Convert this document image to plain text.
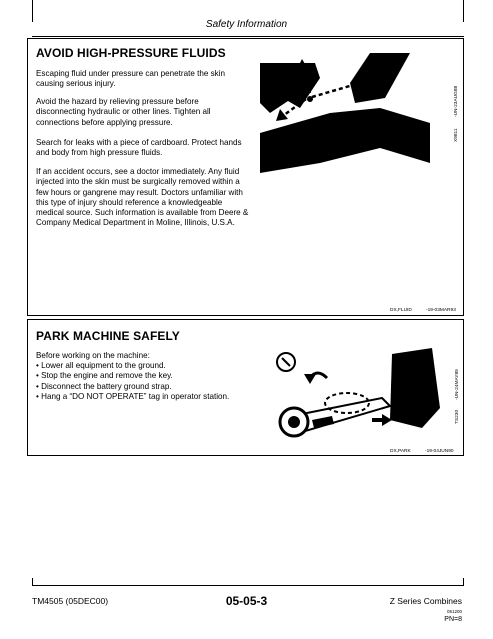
Safety Information
AVOID HIGH-PRESSURE FLUIDS

Escaping fluid under pressure can penetrate the skin causing serious injury.

Avoid the hazard by relieving pressure before disconnecting hydraulic or other lines. Tighten all connections before applying pressure.

Search for leaks with a piece of cardboard. Protect hands and body from high pressure fluids.

If an accident occurs, see a doctor immediately. Any fluid injected into the skin must be surgically removed within a few hours or gangrene may result. Doctors unfamiliar with this type of injury should reference a knowledgeable medical source. Such information is available from Deere & Company Medical Department in Moline, Illinois, U.S.A.

X9811
-UN-23AUG88
DX,FLUID	-19-03MAR93
PARK MACHINE SAFELY

Before working on the machine:

• Lower all equipment to the ground.
• Stop the engine and remove the key.
• Disconnect the battery ground strap.
• Hang a “DO NOT OPERATE” tag in operator station.
TS230
-UN-24MAY89
DX,PARK	-19-04JUN90
TM4505 (05DEC00)	05-05-3	Z Series Combines
051200
PN=8
